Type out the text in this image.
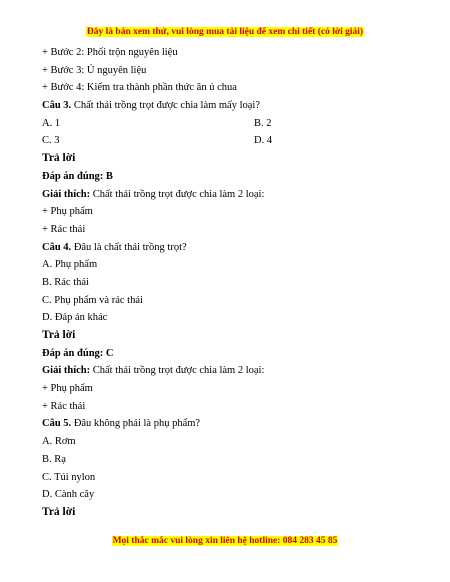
Đây là bản xem thử, vui lòng mua tài liệu để xem chi tiết (có lời giải)
+ Bước 2: Phối trộn nguyên liệu
+ Bước 3: Ủ nguyên liệu
+ Bước 4: Kiểm tra thành phần thức ăn ủ chua
Câu 3. Chất thải trồng trọt được chia làm mấy loại?
A. 1	B. 2
C. 3	D. 4
Trả lời
Đáp án đúng: B
Giải thích: Chất thải trồng trọt được chia làm 2 loại:
+ Phụ phẩm
+ Rác thải
Câu 4. Đâu là chất thải trồng trọt?
A. Phụ phẩm
B. Rác thải
C. Phụ phẩm và rác thải
D. Đáp án khác
Trả lời
Đáp án đúng: C
Giải thích: Chất thải trồng trọt được chia làm 2 loại:
+ Phụ phẩm
+ Rác thải
Câu 5. Đâu không phải là phụ phẩm?
A. Rơm
B. Rạ
C. Túi nylon
D. Cành cây
Trả lời
Mọi thắc mắc vui lòng xin liên hệ hotline: 084 283 45 85
